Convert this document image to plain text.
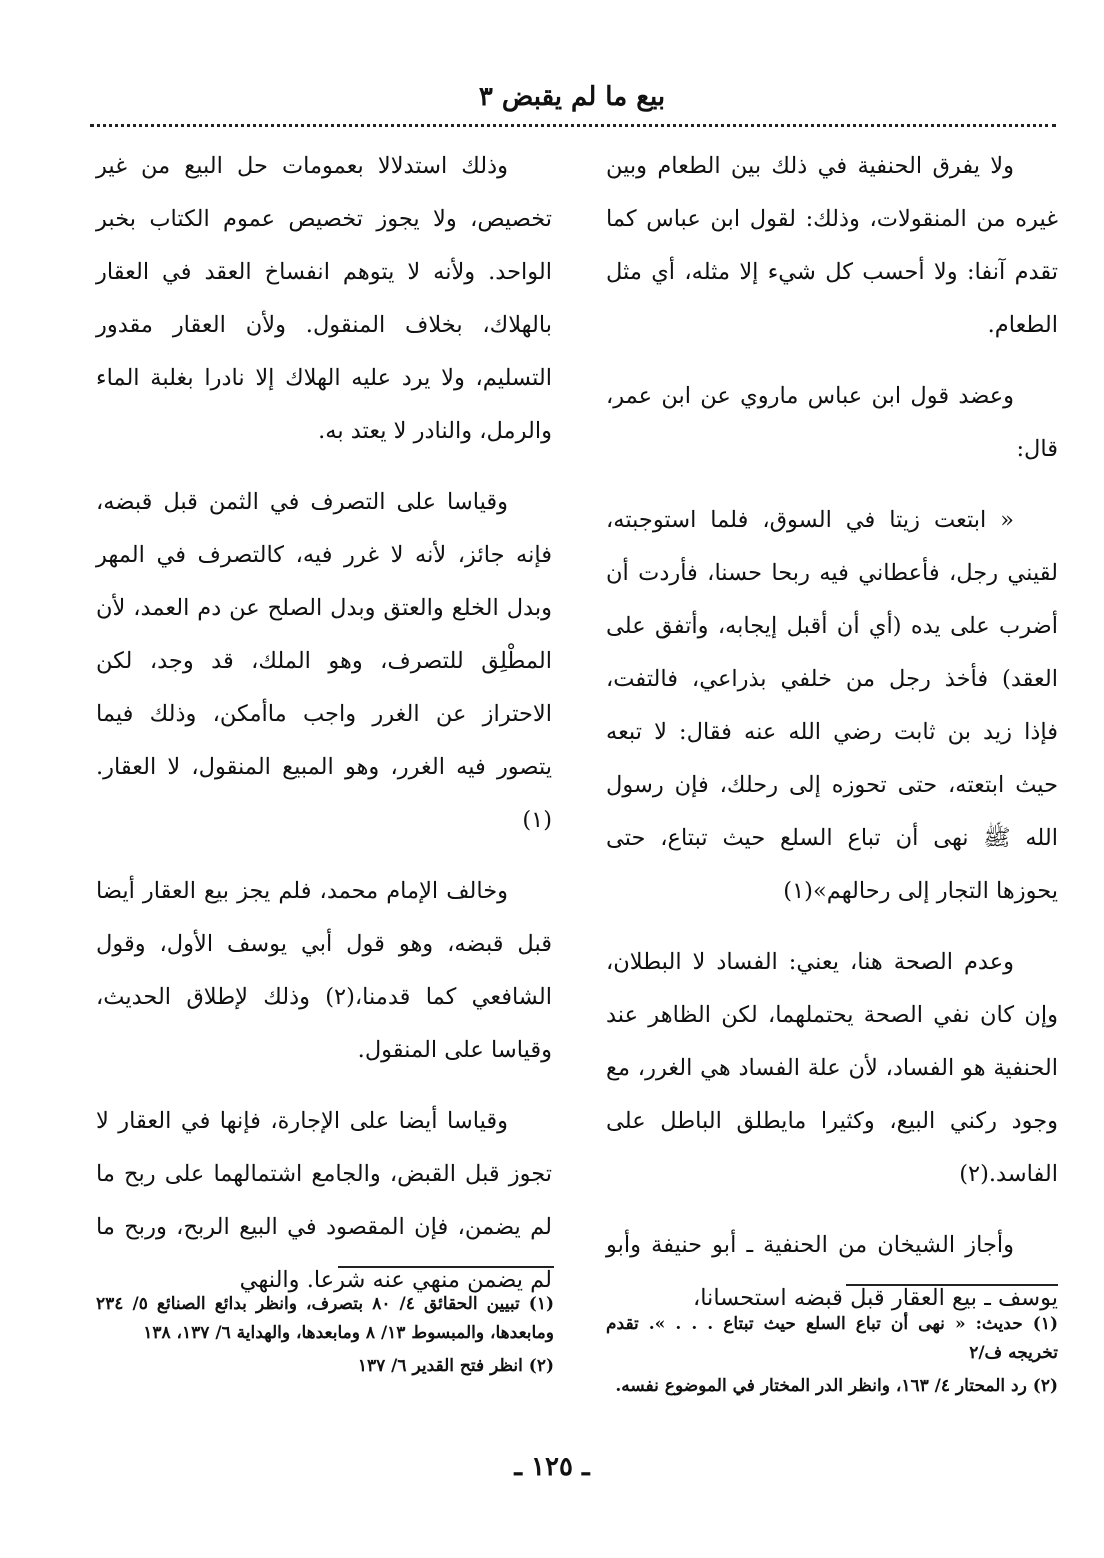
بيع ما لم يقبض ٣

ولا يفرق الحنفية في ذلك بين الطعام وبين غيره من المنقولات، وذلك: لقول ابن عباس كما تقدم آنفا: ولا أحسب كل شيء إلا مثله، أي مثل الطعام.

وعضد قول ابن عباس ماروي عن ابن عمر، قال:

« ابتعت زيتا في السوق، فلما استوجبته، لقيني رجل، فأعطاني فيه ربحا حسنا، فأردت أن أضرب على يده (أي أن أقبل إيجابه، وأتفق على العقد) فأخذ رجل من خلفي بذراعي، فالتفت، فإذا زيد بن ثابت رضي الله عنه فقال: لا تبعه حيث ابتعته، حتى تحوزه إلى رحلك، فإن رسول الله ﷺ نهى أن تباع السلع حيث تبتاع، حتى يحوزها التجار إلى رحالهم»(١)

وعدم الصحة هنا، يعني: الفساد لا البطلان، وإن كان نفي الصحة يحتملهما، لكن الظاهر عند الحنفية هو الفساد، لأن علة الفساد هي الغرر، مع وجود ركني البيع، وكثيرا مايطلق الباطل على الفاسد.(٢)

وأجاز الشيخان من الحنفية ـ أبو حنيفة وأبو يوسف ـ بيع العقار قبل قبضه استحسانا،

وذلك استدلالا بعمومات حل البيع من غير تخصيص، ولا يجوز تخصيص عموم الكتاب بخبر الواحد. ولأنه لا يتوهم انفساخ العقد في العقار بالهلاك، بخلاف المنقول. ولأن العقار مقدور التسليم، ولا يرد عليه الهلاك إلا نادرا بغلبة الماء والرمل، والنادر لا يعتد به.

وقياسا على التصرف في الثمن قبل قبضه، فإنه جائز، لأنه لا غرر فيه، كالتصرف في المهر وبدل الخلع والعتق وبدل الصلح عن دم العمد، لأن المطْلِق للتصرف، وهو الملك، قد وجد، لكن الاحتراز عن الغرر واجب ماأمكن، وذلك فيما يتصور فيه الغرر، وهو المبيع المنقول، لا العقار.(١)

وخالف الإمام محمد، فلم يجز بيع العقار أيضا قبل قبضه، وهو قول أبي يوسف الأول، وقول الشافعي كما قدمنا،(٢) وذلك لإطلاق الحديث، وقياسا على المنقول.

وقياسا أيضا على الإجارة، فإنها في العقار لا تجوز قبل القبض، والجامع اشتمالهما على ربح ما لم يضمن، فإن المقصود في البيع الربح، وربح ما لم يضمن منهي عنه شرعا. والنهي

(١) حديث: « نهى أن تباع السلع حيث تبتاع . . . ». تقدم تخريجه ف/٢

(٢) رد المحتار ٤/ ١٦٣، وانظر الدر المختار في الموضوع نفسه.

(١) تبيين الحقائق ٤/ ٨٠ بتصرف، وانظر بدائع الصنائع ٥/ ٢٣٤ ومابعدها، والمبسوط ١٣/ ٨ ومابعدها، والهداية ٦/ ١٣٧، ١٣٨

(٢) انظر فتح القدير ٦/ ١٣٧

ـ ١٢٥ ـ
